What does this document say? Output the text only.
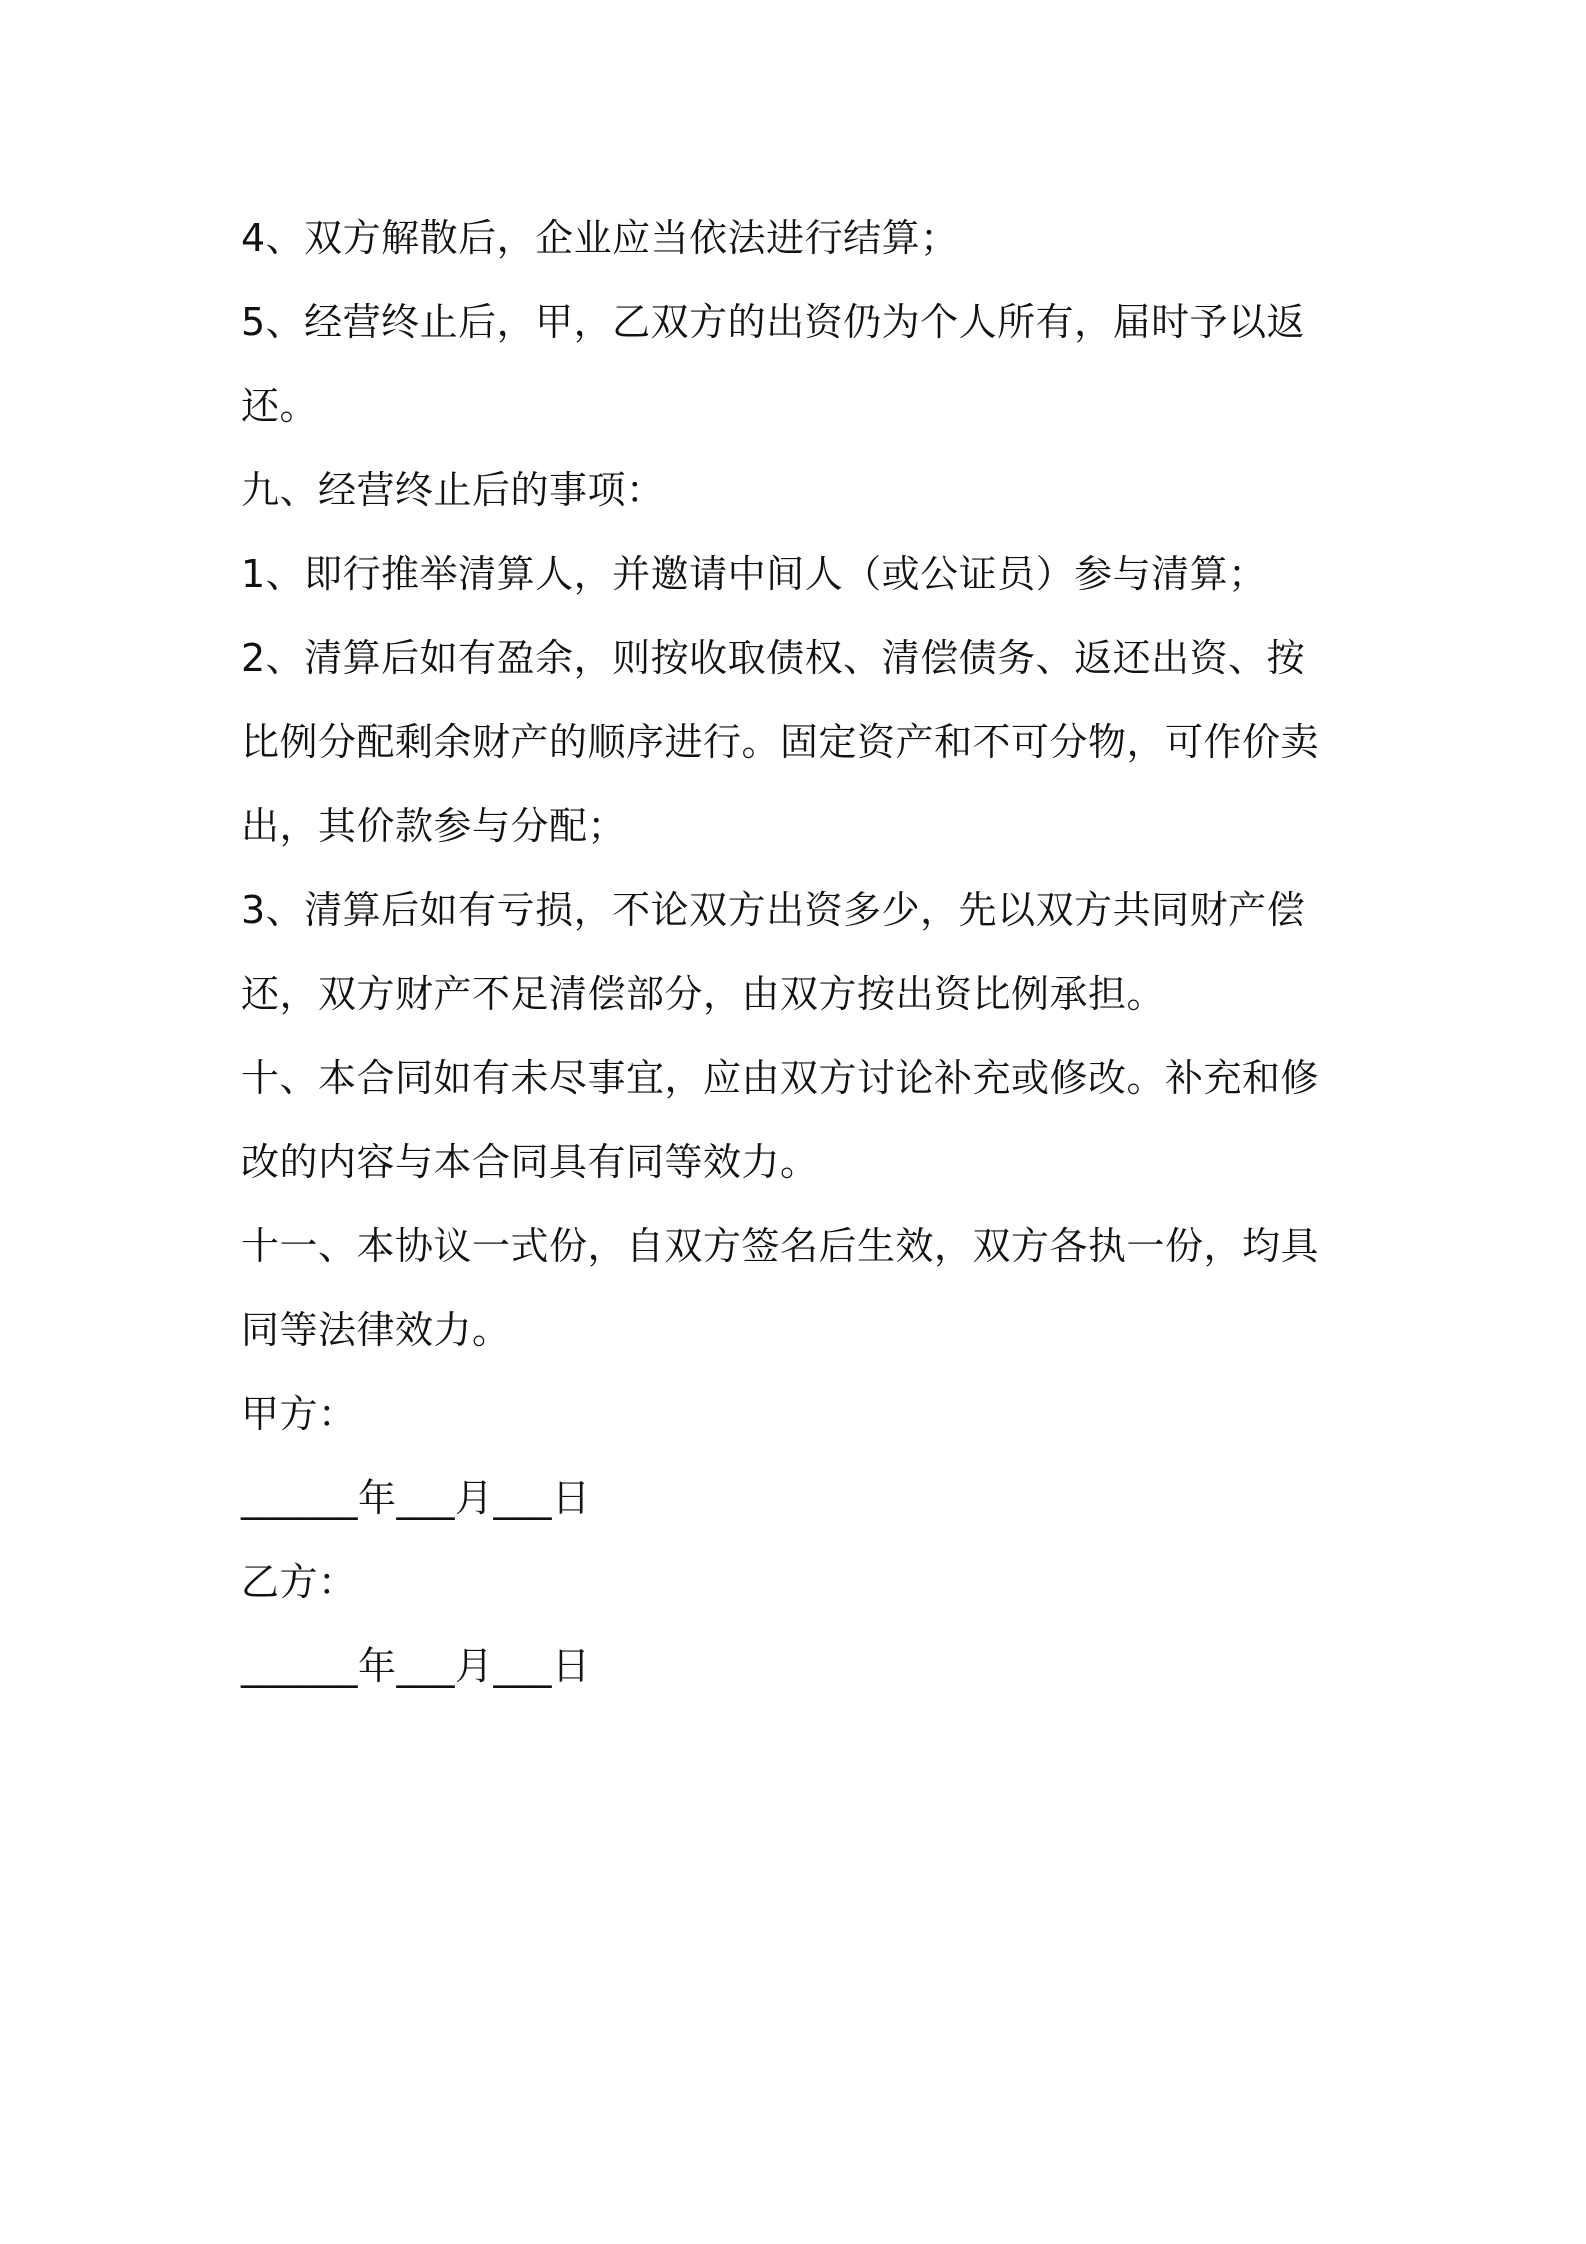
4、双方解散后，企业应当依法进行结算；

5、经营终止后，甲，乙双方的出资仍为个人所有，届时予以返

还。

九、经营终止后的事项：

1、即行推举清算人，并邀请中间人（或公证员）参与清算；

2、清算后如有盈余，则按收取债权、清偿债务、返还出资、按

比例分配剩余财产的顺序进行。固定资产和不可分物，可作价卖

出，其价款参与分配；

3、清算后如有亏损，不论双方出资多少，先以双方共同财产偿

还，双方财产不足清偿部分，由双方按出资比例承担。

十、本合同如有未尽事宜，应由双方讨论补充或修改。补充和修

改的内容与本合同具有同等效力。

十一、本协议一式份，自双方签名后生效，双方各执一份，均具

同等法律效力。

甲方：

______年___月___日

乙方：

______年___月___日
